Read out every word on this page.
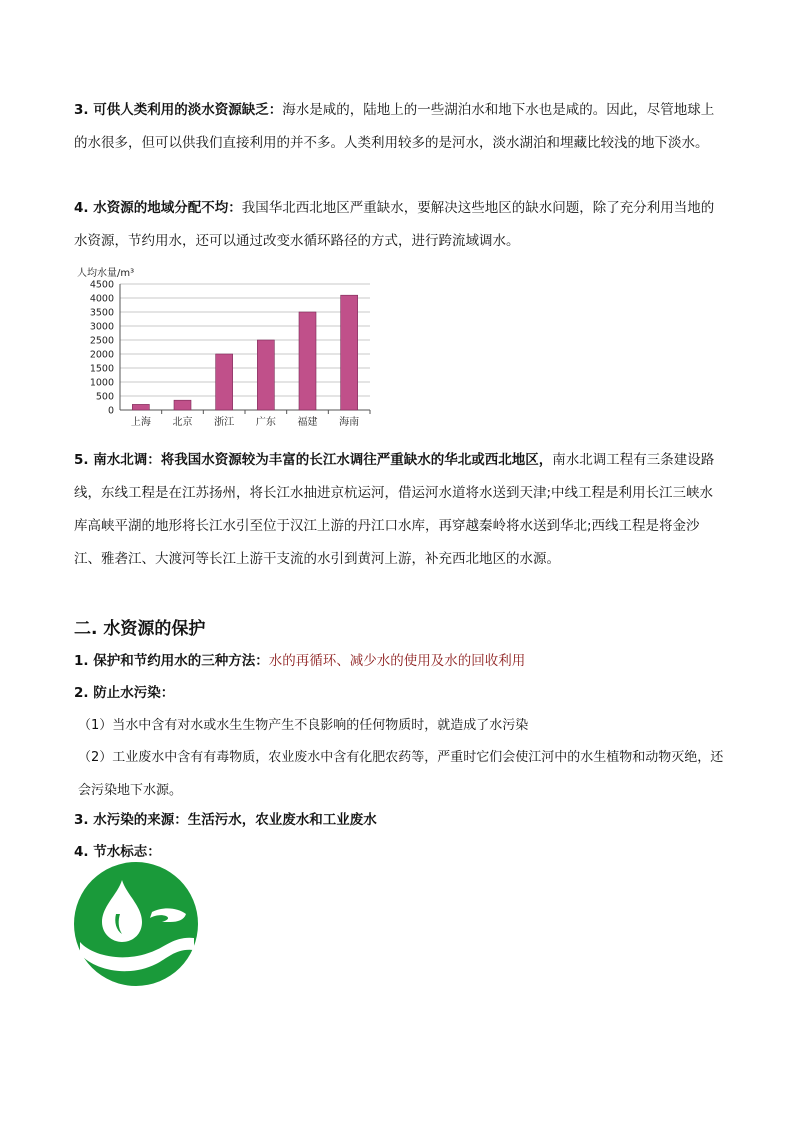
3. 可供人类利用的淡水资源缺乏：海水是咸的，陆地上的一些湖泊水和地下水也是咸的。因此，尽管地球上的水很多，但可以供我们直接利用的并不多。人类利用较多的是河水，淡水湖泊和埋藏比较浅的地下淡水。
4. 水资源的地域分配不均：我国华北西北地区严重缺水，要解决这些地区的缺水问题，除了充分利用当地的水资源，节约用水，还可以通过改变水循环路径的方式，进行跨流域调水。
人均水量/m³
0
500
1000
1500
2000
2500
3000
3500
4000
4500
上海 北京 浙江 广东 福建 海南
5. 南水北调：将我国水资源较为丰富的长江水调往严重缺水的华北或西北地区，南水北调工程有三条建设路线，东线工程是在江苏扬州，将长江水抽进京杭运河，借运河水道将水送到天津;中线工程是利用长江三峡水库高峡平湖的地形将长江水引至位于汉江上游的丹江口水库，再穿越秦岭将水送到华北;西线工程是将金沙江、雅砻江、大渡河等长江上游干支流的水引到黄河上游，补充西北地区的水源。
二. 水资源的保护
1. 保护和节约用水的三种方法：水的再循环、减少水的使用及水的回收利用
2. 防止水污染：
（1）当水中含有对水或水生生物产生不良影响的任何物质时，就造成了水污染
（2）工业废水中含有有毒物质，农业废水中含有化肥农药等，严重时它们会使江河中的水生植物和动物灭绝，还会污染地下水源。
3. 水污染的来源：生活污水，农业废水和工业废水
4. 节水标志：
